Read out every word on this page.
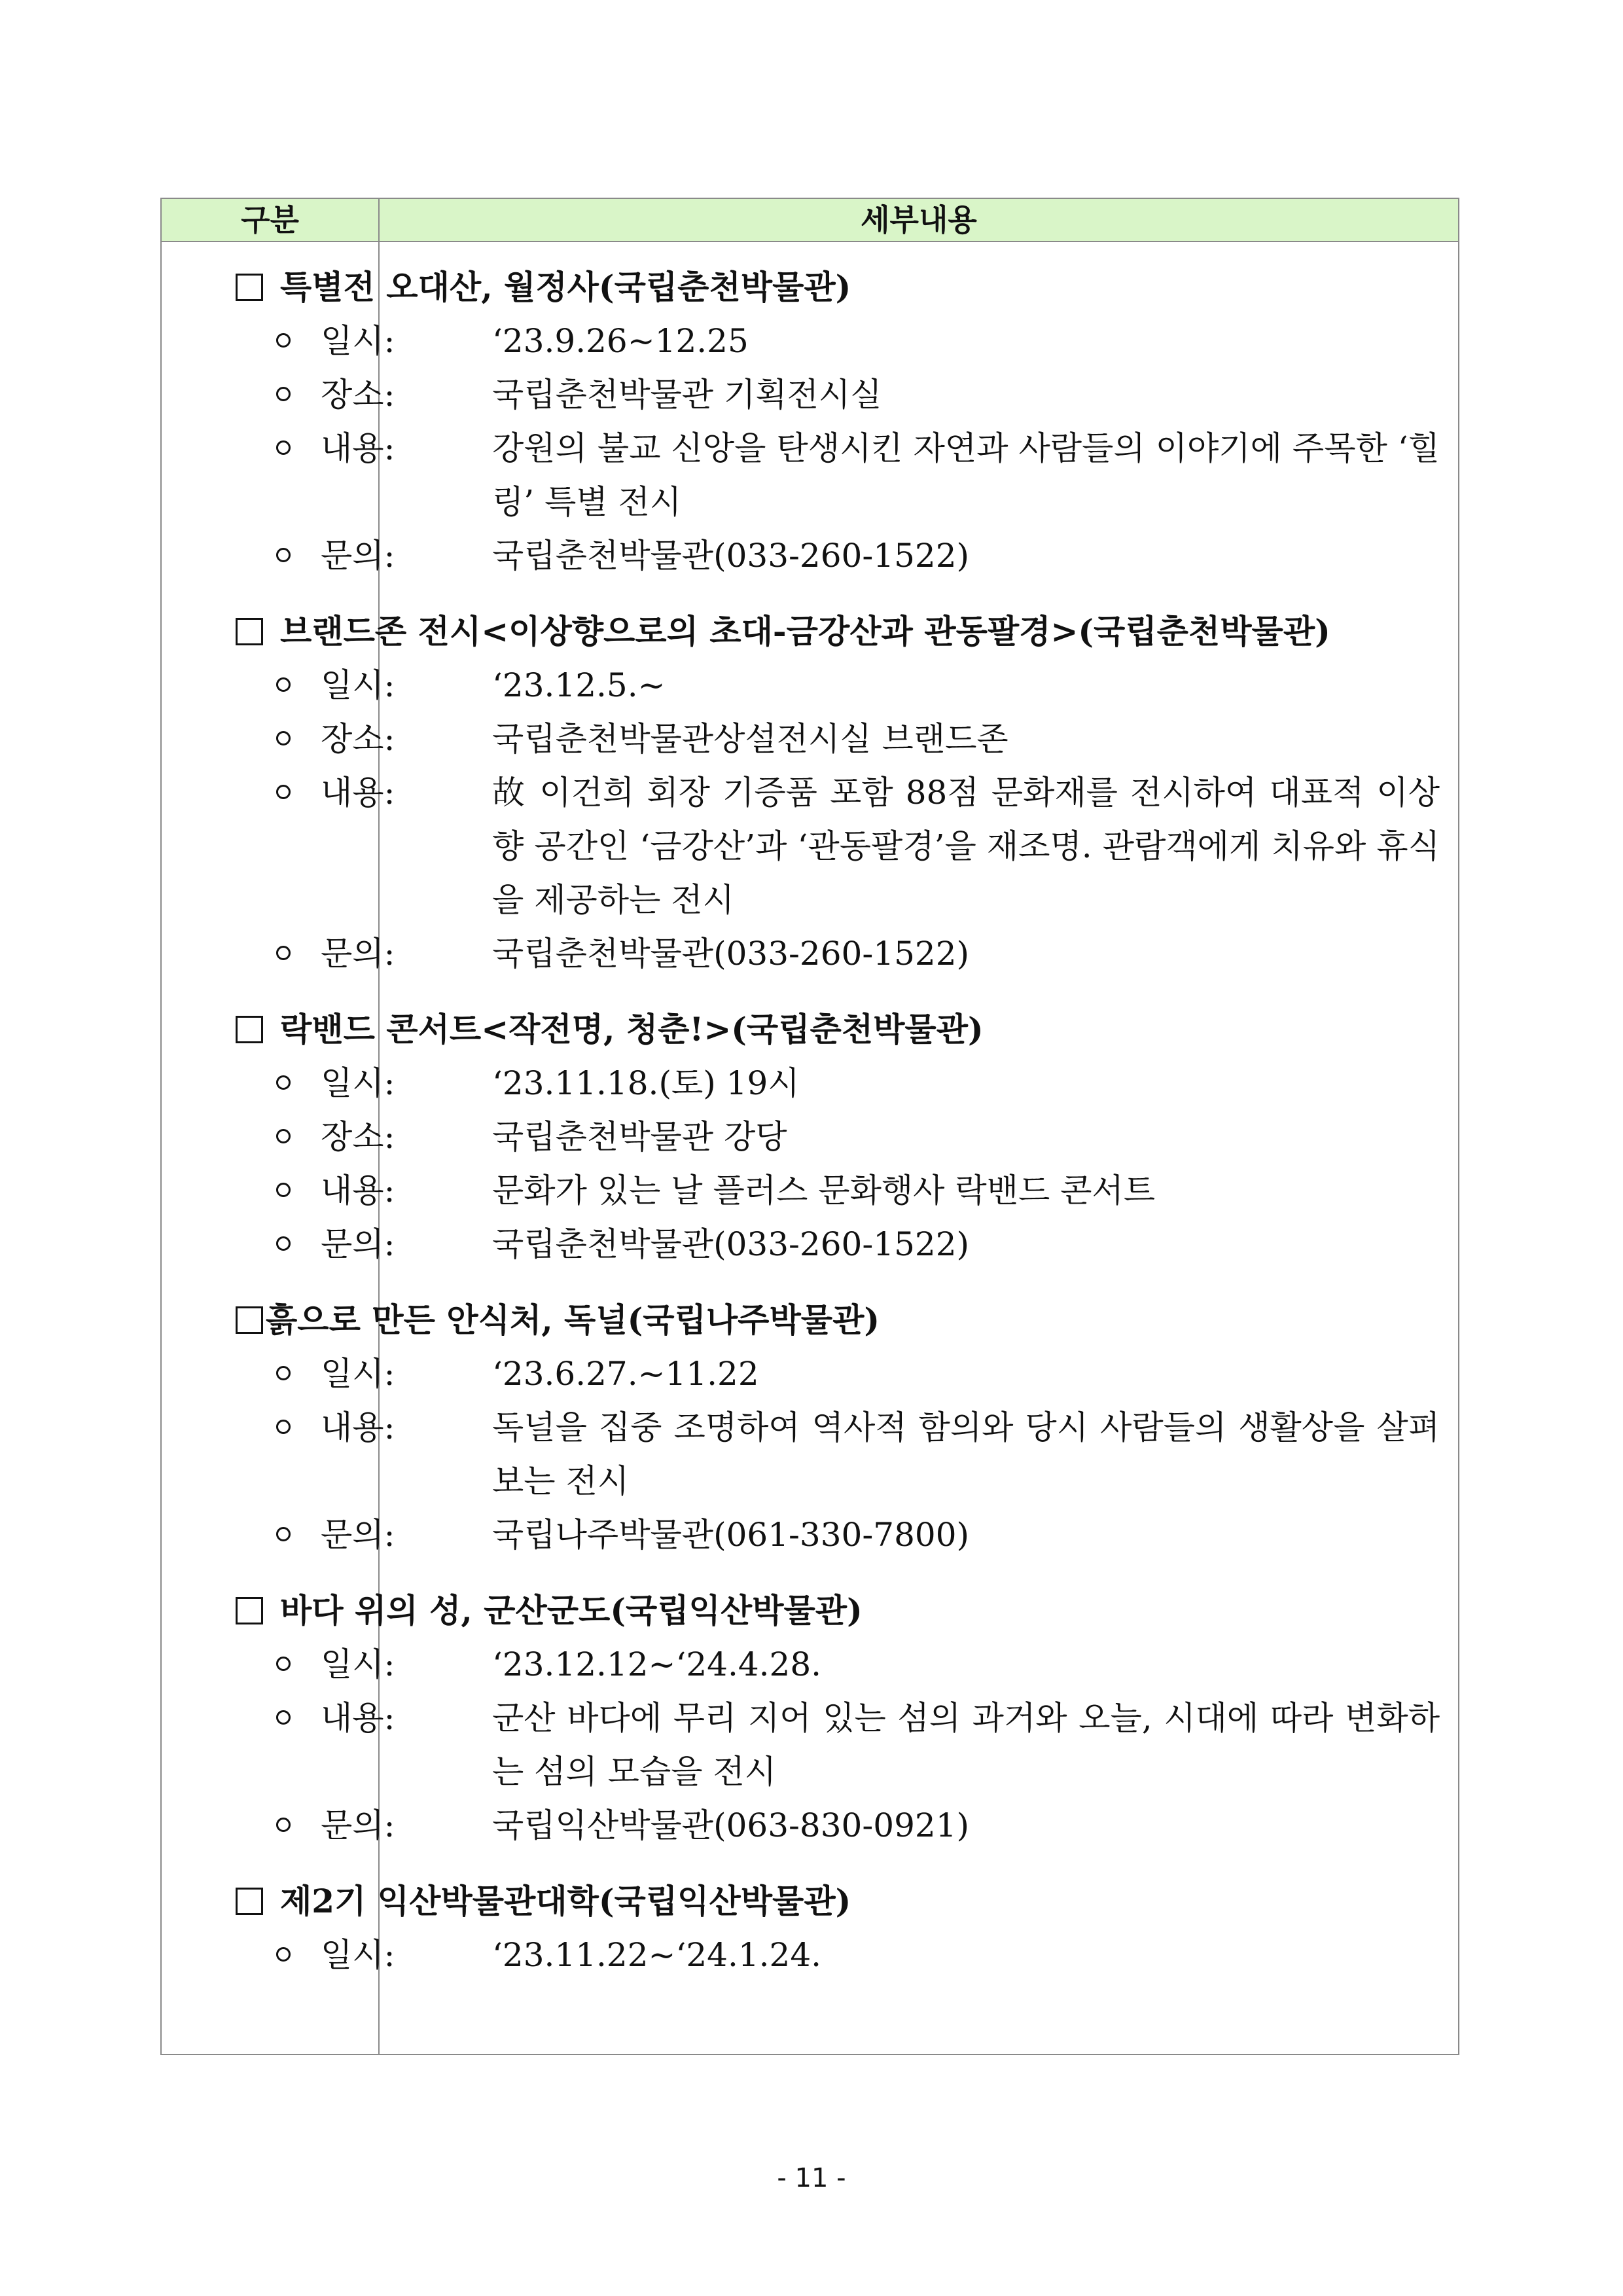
구분	세부내용
특별전 오대산, 월정사(국립춘천박물관)
일시:	‘23.9.26~12.25
장소:	국립춘천박물관 기획전시실
내용:	강원의 불교 신앙을 탄생시킨 자연과 사람들의 이야기에 주목한 ‘힐링’ 특별 전시
문의:	국립춘천박물관(033-260-1522)
브랜드존 전시<이상향으로의 초대-금강산과 관동팔경>(국립춘천박물관)
일시:	‘23.12.5.~
장소:	국립춘천박물관상설전시실 브랜드존
내용:	故 이건희 회장 기증품 포함 88점 문화재를 전시하여 대표적 이상향 공간인 ‘금강산’과 ‘관동팔경’을 재조명. 관람객에게 치유와 휴식을 제공하는 전시
문의:	국립춘천박물관(033-260-1522)
락밴드 콘서트<작전명, 청춘!>(국립춘천박물관)
일시:	‘23.11.18.(토) 19시
장소:	국립춘천박물관 강당
내용:	문화가 있는 날 플러스 문화행사 락밴드 콘서트
문의:	국립춘천박물관(033-260-1522)
흙으로 만든 안식처, 독널(국립나주박물관)
일시:	‘23.6.27.~11.22
내용:	독널을 집중 조명하여 역사적 함의와 당시 사람들의 생활상을 살펴보는 전시
문의:	국립나주박물관(061-330-7800)
바다 위의 성, 군산군도(국립익산박물관)
일시:	‘23.12.12~‘24.4.28.
내용:	군산 바다에 무리 지어 있는 섬의 과거와 오늘, 시대에 따라 변화하는 섬의 모습을 전시
문의:	국립익산박물관(063-830-0921)
제2기 익산박물관대학(국립익산박물관)
일시:	‘23.11.22~‘24.1.24.
- 11 -
